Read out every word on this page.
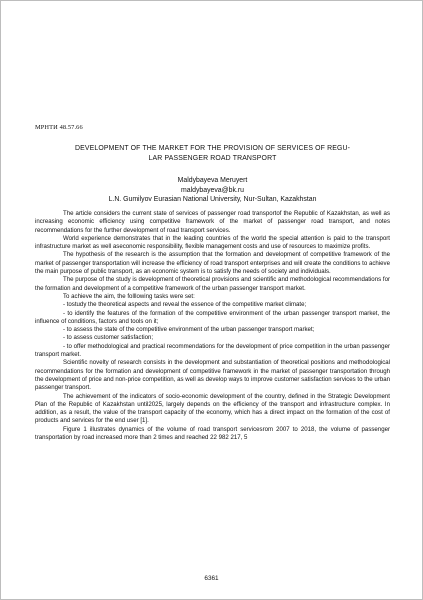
МРНТИ 48.57.66
DEVELOPMENT OF THE MARKET FOR THE PROVISION OF SERVICES OF REGU-
LAR PASSENGER ROAD TRANSPORT
Maldybayeva Meruyert
maldybayeva@bk.ru
L.N. Gumilyov Eurasian National University, Nur-Sultan, Kazakhstan

The article considers the current state of services of passenger road transportof the Republic of Kazakhstan, as well as increasing economic efficiency using competitive framework of the market of passenger road transport, and notes recommendations for the further development of road transport services.

World experience demonstrates that in the leading countries of the world the special attention is paid to the transport infrastructure market as well aseconomic responsibility, flexible management costs and use of resources to maximize profits.

The hypothesis of the research is the assumption that the formation and development of competitive framework of the market of passenger transportation will increase the efficiency of road transport enterprises and will create the conditions to achieve the main purpose of public transport, as an economic system is to satisfy the needs of society and individuals.

The purpose of the study is development of theoretical provisions and scientific and methodological recommendations for the formation and development of a competitive framework of the urban passenger transport market.

To achieve the aim, the folllowing tasks were set:

- tostudy the theoretical aspects and reveal the essence of the competitive market climate;

- to identify the features of the formation of the competitive environment of the urban passenger transport market, the influence of conditions, factors and tools on it;

- to assess the state of the competitive environment of the urban passenger transport market;

- to assess customer satisfaction;

- to offer methodological and practical recommendations for the development of price competition in the urban passenger transport market.

Scientific novelty of research consists in the development and substantiation of theoretical positions and methodological recommendations for the formation and development of competitive framework in the market of passenger transportation through the development of price and non-price competition, as well as develop ways to improve customer satisfaction services to the urban passenger transport.

The achievement of the indicators of socio-economic development of the country, defined in the Strategic Development Plan of the Republic of Kazakhstan until2025, largely depends on the efficiency of the transport and infrastructure complex. In addition, as a result, the value of the transport capacity of the economy, which has a direct impact on the formation of the cost of products and services for the end user [1].

Figure 1 illustrates dynamics of the volume of road transport servicesrom 2007 to 2018, the volume of passenger transportation by road increased more than 2 times and reached 22 982 217, 5

6361
